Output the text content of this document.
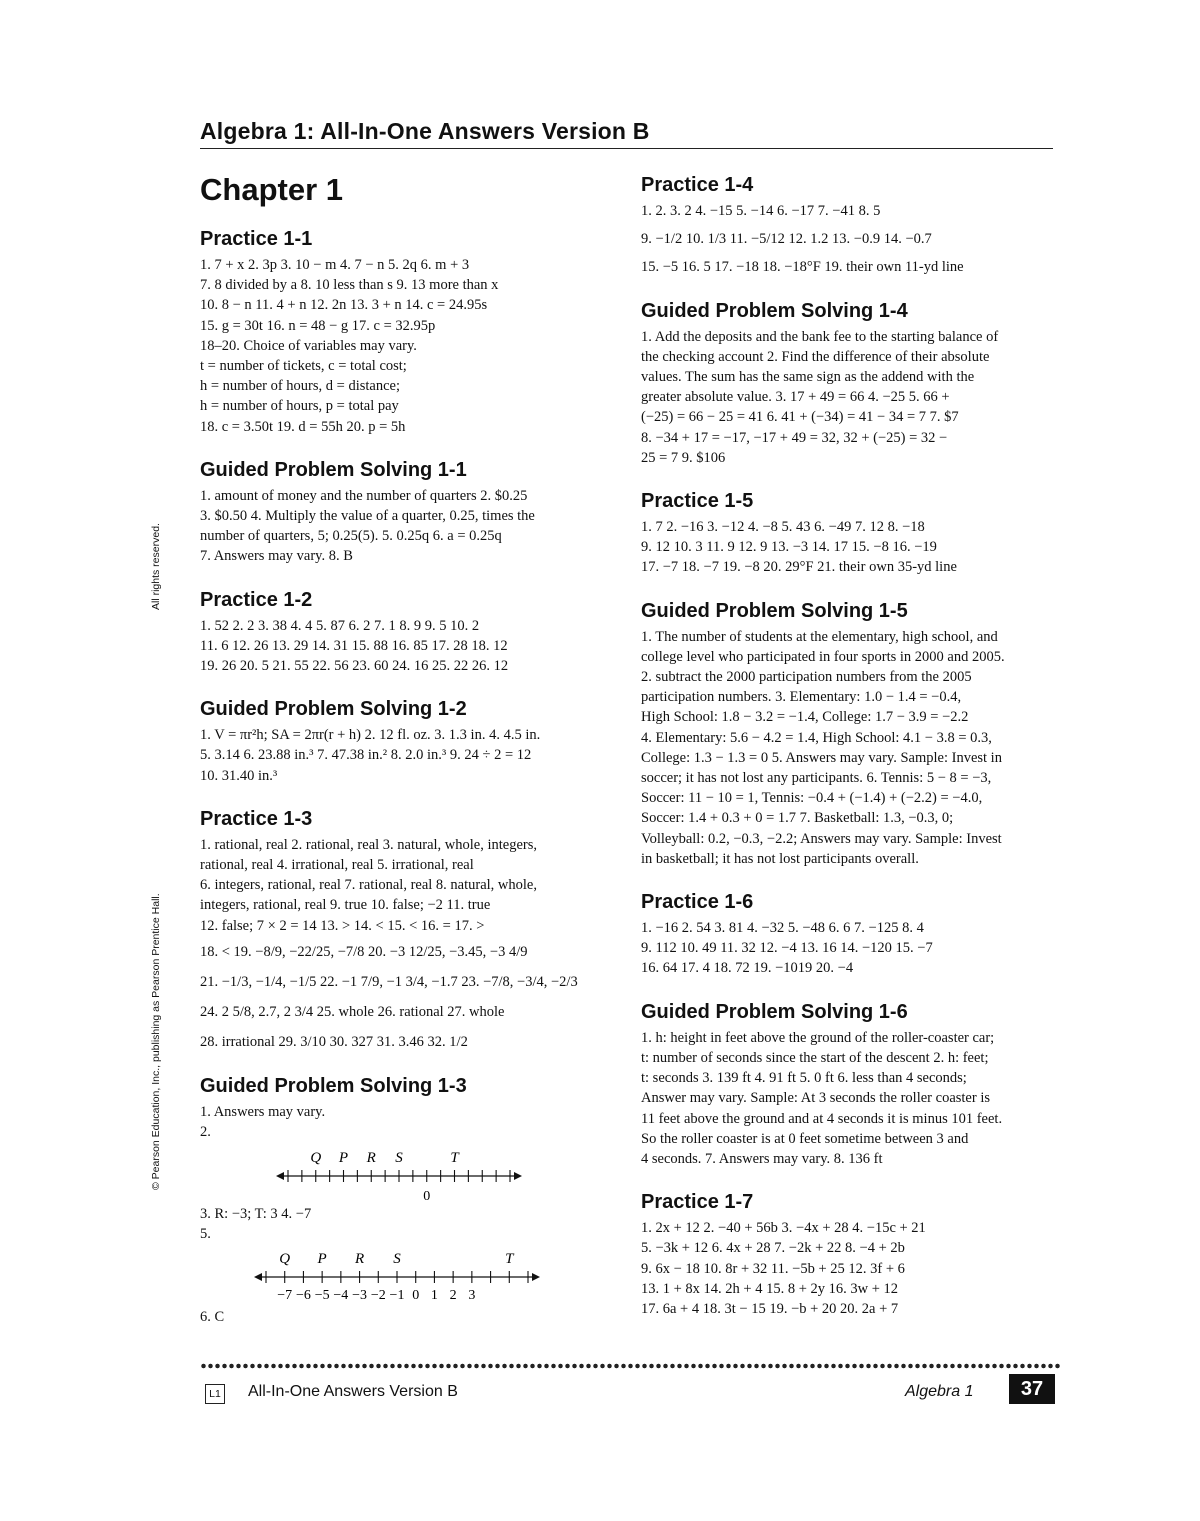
Algebra 1: All-In-One Answers Version B
All rights reserved.
© Pearson Education, Inc., publishing as Pearson Prentice Hall.
Chapter 1
Practice 1-1
1. 7 + x 2. 3p 3. 10 − m 4. 7 − n 5. 2q 6. m + 3
7. 8 divided by a 8. 10 less than s 9. 13 more than x
10. 8 − n 11. 4 + n 12. 2n 13. 3 + n 14. c = 24.95s
15. g = 30t 16. n = 48 − g 17. c = 32.95p
18–20. Choice of variables may vary.
t = number of tickets, c = total cost;
h = number of hours, d = distance;
h = number of hours, p = total pay
18. c = 3.50t 19. d = 55h 20. p = 5h
Guided Problem Solving 1-1
1. amount of money and the number of quarters 2. $0.25
3. $0.50 4. Multiply the value of a quarter, 0.25, times the
number of quarters, 5; 0.25(5). 5. 0.25q 6. a = 0.25q
7. Answers may vary. 8. B
Practice 1-2
1. 52 2. 2 3. 38 4. 4 5. 87 6. 2 7. 1 8. 9 9. 5 10. 2
11. 6 12. 26 13. 29 14. 31 15. 88 16. 85 17. 28 18. 12
19. 26 20. 5 21. 55 22. 56 23. 60 24. 16 25. 22 26. 12
Guided Problem Solving 1-2
1. V = πr²h; SA = 2πr(r + h) 2. 12 fl. oz. 3. 1.3 in. 4. 4.5 in.
5. 3.14 6. 23.88 in.³ 7. 47.38 in.² 8. 2.0 in.³ 9. 24 ÷ 2 = 12
10. 31.40 in.³
Practice 1-3
1. rational, real 2. rational, real 3. natural, whole, integers,
rational, real 4. irrational, real 5. irrational, real
6. integers, rational, real 7. rational, real 8. natural, whole,
integers, rational, real 9. true 10. false; −2 11. true
12. false; 7 × 2 = 14 13. > 14. < 15. < 16. = 17. >
18. < 19. −8/9, −22/25, −7/8 20. −3 12/25, −3.45, −3 4/9
21. −1/3, −1/4, −1/5 22. −1 7/9, −1 3/4, −1.7 23. −7/8, −3/4, −2/3
24. 2 5/8, 2.7, 2 3/4 25. whole 26. rational 27. whole
28. irrational 29. 3/10 30. 327 31. 3.46 32. 1/2
Guided Problem Solving 1-3
1. Answers may vary.
2.
Q P R S	T
0
3. R: −3; T: 3 4. −7
5.
Q P R S	T
−7 −6 −5 −4 −3 −2 −1 0 1 2 3
6. C
Practice 1-4
1. 2. 3. 2 4. −15 5. −14 6. −17 7. −41 8. 5
9. −1/2 10. 1/3 11. −5/12 12. 1.2 13. −0.9 14. −0.7
15. −5 16. 5 17. −18 18. −18°F 19. their own 11-yd line
Guided Problem Solving 1-4
1. Add the deposits and the bank fee to the starting balance of
the checking account 2. Find the difference of their absolute
values. The sum has the same sign as the addend with the
greater absolute value. 3. 17 + 49 = 66 4. −25 5. 66 +
(−25) = 66 − 25 = 41 6. 41 + (−34) = 41 − 34 = 7 7. $7
8. −34 + 17 = −17, −17 + 49 = 32, 32 + (−25) = 32 −
25 = 7 9. $106
Practice 1-5
1. 7 2. −16 3. −12 4. −8 5. 43 6. −49 7. 12 8. −18
9. 12 10. 3 11. 9 12. 9 13. −3 14. 17 15. −8 16. −19
17. −7 18. −7 19. −8 20. 29°F 21. their own 35-yd line
Guided Problem Solving 1-5
1. The number of students at the elementary, high school, and
college level who participated in four sports in 2000 and 2005.
2. subtract the 2000 participation numbers from the 2005
participation numbers. 3. Elementary: 1.0 − 1.4 = −0.4,
High School: 1.8 − 3.2 = −1.4, College: 1.7 − 3.9 = −2.2
4. Elementary: 5.6 − 4.2 = 1.4, High School: 4.1 − 3.8 = 0.3,
College: 1.3 − 1.3 = 0 5. Answers may vary. Sample: Invest in
soccer; it has not lost any participants. 6. Tennis: 5 − 8 = −3,
Soccer: 11 − 10 = 1, Tennis: −0.4 + (−1.4) + (−2.2) = −4.0,
Soccer: 1.4 + 0.3 + 0 = 1.7 7. Basketball: 1.3, −0.3, 0;
Volleyball: 0.2, −0.3, −2.2; Answers may vary. Sample: Invest
in basketball; it has not lost participants overall.
Practice 1-6
1. −16 2. 54 3. 81 4. −32 5. −48 6. 6 7. −125 8. 4
9. 112 10. 49 11. 32 12. −4 13. 16 14. −120 15. −7
16. 64 17. 4 18. 72 19. −1019 20. −4
Guided Problem Solving 1-6
1. h: height in feet above the ground of the roller-coaster car;
t: number of seconds since the start of the descent 2. h: feet;
t: seconds 3. 139 ft 4. 91 ft 5. 0 ft 6. less than 4 seconds;
Answer may vary. Sample: At 3 seconds the roller coaster is
11 feet above the ground and at 4 seconds it is minus 101 feet.
So the roller coaster is at 0 feet sometime between 3 and
4 seconds. 7. Answers may vary. 8. 136 ft
Practice 1-7
1. 2x + 12 2. −40 + 56b 3. −4x + 28 4. −15c + 21
5. −3k + 12 6. 4x + 28 7. −2k + 22 8. −4 + 2b
9. 6x − 18 10. 8r + 32 11. −5b + 25 12. 3f + 6
13. 1 + 8x 14. 2h + 4 15. 8 + 2y 16. 3w + 12
17. 6a + 4 18. 3t − 15 19. −b + 20 20. 2a + 7
L1 All-In-One Answers Version B	Algebra 1	37
